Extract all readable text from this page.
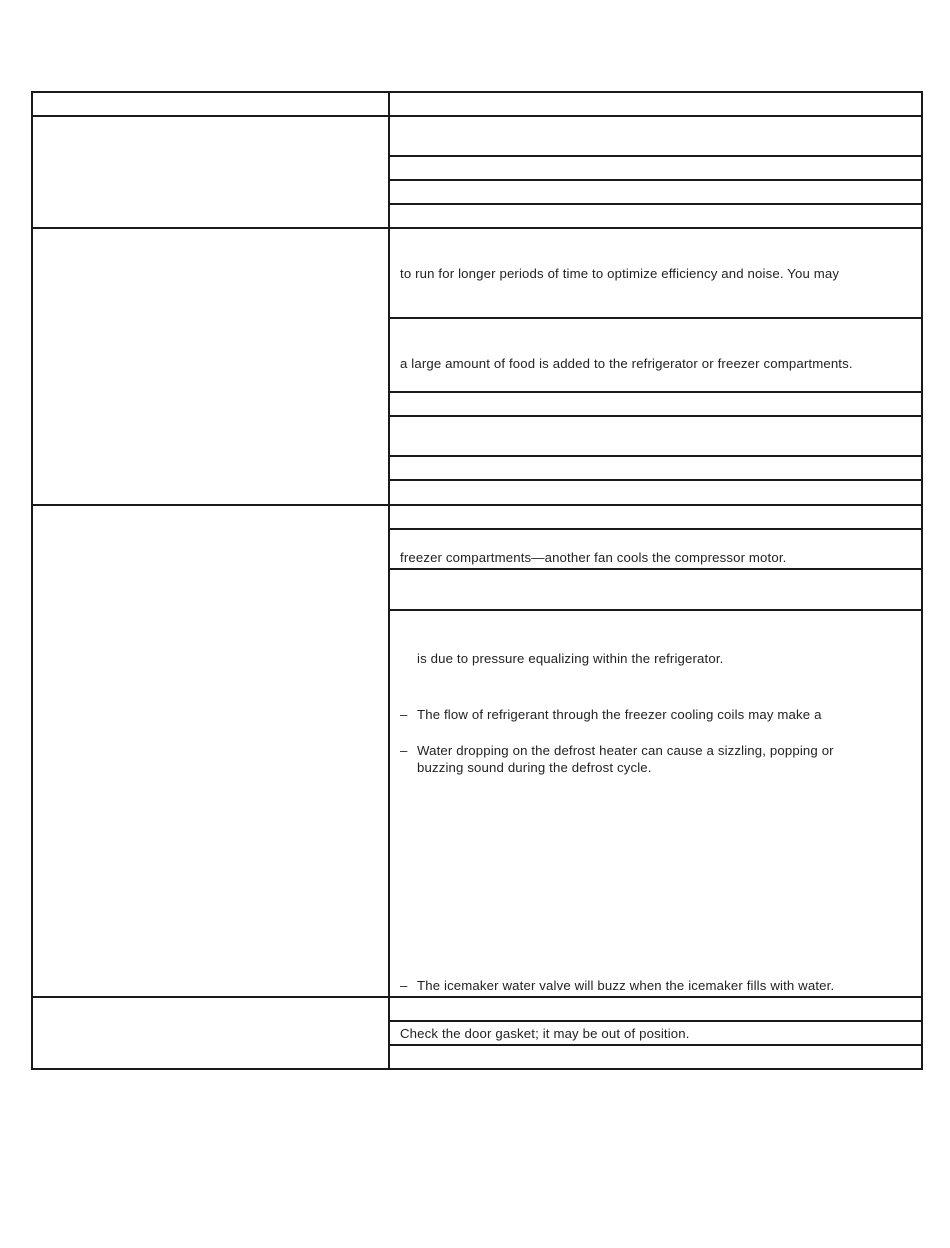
to run for longer periods of time to optimize efficiency and noise. You may
a large amount of food is added to the refrigerator or freezer compartments.
freezer compartments—another fan cools the compressor motor.
is due to pressure equalizing within the refrigerator.
– The flow of refrigerant through the freezer cooling coils may make a
– Water dropping on the defrost heater can cause a sizzling, popping or
buzzing sound during the defrost cycle.
– The icemaker water valve will buzz when the icemaker fills with water.
Check the door gasket; it may be out of position.
